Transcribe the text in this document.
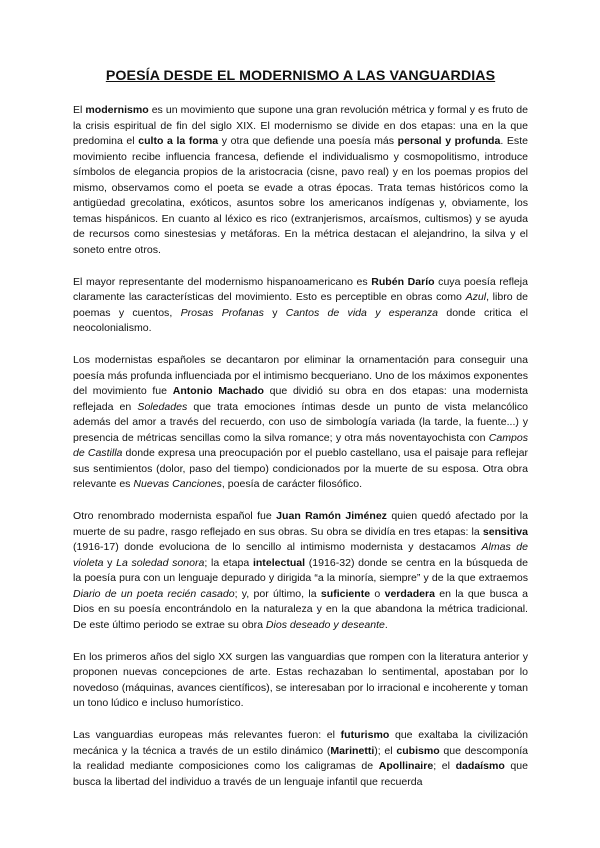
POESÍA DESDE EL MODERNISMO A LAS VANGUARDIAS

El modernismo es un movimiento que supone una gran revolución métrica y formal y es fruto de la crisis espiritual de fin del siglo XIX. El modernismo se divide en dos etapas: una en la que predomina el culto a la forma y otra que defiende una poesía más personal y profunda. Este movimiento recibe influencia francesa, defiende el individualismo y cosmopolitismo, introduce símbolos de elegancia propios de la aristocracia (cisne, pavo real) y en los poemas propios del mismo, observamos como el poeta se evade a otras épocas. Trata temas históricos como la antigüedad grecolatina, exóticos, asuntos sobre los americanos indígenas y, obviamente, los temas hispánicos. En cuanto al léxico es rico (extranjerismos, arcaísmos, cultismos) y se ayuda de recursos como sinestesias y metáforas. En la métrica destacan el alejandrino, la silva y el soneto entre otros.

El mayor representante del modernismo hispanoamericano es Rubén Darío cuya poesía refleja claramente las características del movimiento. Esto es perceptible en obras como Azul, libro de poemas y cuentos, Prosas Profanas y Cantos de vida y esperanza donde critica el neocolonialismo.

Los modernistas españoles se decantaron por eliminar la ornamentación para conseguir una poesía más profunda influenciada por el intimismo becqueriano. Uno de los máximos exponentes del movimiento fue Antonio Machado que dividió su obra en dos etapas: una modernista reflejada en Soledades que trata emociones íntimas desde un punto de vista melancólico además del amor a través del recuerdo, con uso de simbología variada (la tarde, la fuente...) y presencia de métricas sencillas como la silva romance; y otra más noventayochista con Campos de Castilla donde expresa una preocupación por el pueblo castellano, usa el paisaje para reflejar sus sentimientos (dolor, paso del tiempo) condicionados por la muerte de su esposa. Otra obra relevante es Nuevas Canciones, poesía de carácter filosófico.

Otro renombrado modernista español fue Juan Ramón Jiménez quien quedó afectado por la muerte de su padre, rasgo reflejado en sus obras. Su obra se dividía en tres etapas: la sensitiva (1916-17) donde evoluciona de lo sencillo al intimismo modernista y destacamos Almas de violeta y La soledad sonora; la etapa intelectual (1916-32) donde se centra en la búsqueda de la poesía pura con un lenguaje depurado y dirigida “a la minoría, siempre” y de la que extraemos Diario de un poeta recién casado; y, por último, la suficiente o verdadera en la que busca a Dios en su poesía encontrándolo en la naturaleza y en la que abandona la métrica tradicional. De este último periodo se extrae su obra Dios deseado y deseante.

En los primeros años del siglo XX surgen las vanguardias que rompen con la literatura anterior y proponen nuevas concepciones de arte. Estas rechazaban lo sentimental, apostaban por lo novedoso (máquinas, avances científicos), se interesaban por lo irracional e incoherente y toman un tono lúdico e incluso humorístico.

Las vanguardias europeas más relevantes fueron: el futurismo que exaltaba la civilización mecánica y la técnica a través de un estilo dinámico (Marinetti); el cubismo que descomponía la realidad mediante composiciones como los caligramas de Apollinaire; el dadaísmo que busca la libertad del individuo a través de un lenguaje infantil que recuerda
